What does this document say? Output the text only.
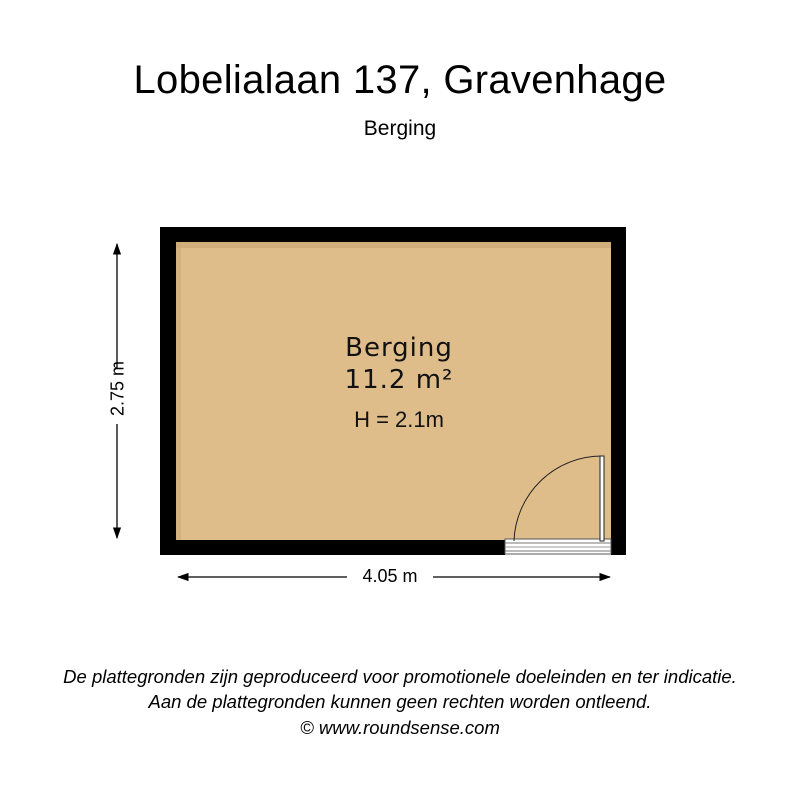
Lobelialaan 137, Gravenhage
Berging
Berging
11.2 m²
H = 2.1m
4.05 m
2.75 m
De plattegronden zijn geproduceerd voor promotionele doeleinden en ter indicatie.
Aan de plattegronden kunnen geen rechten worden ontleend.
© www.roundsense.com
